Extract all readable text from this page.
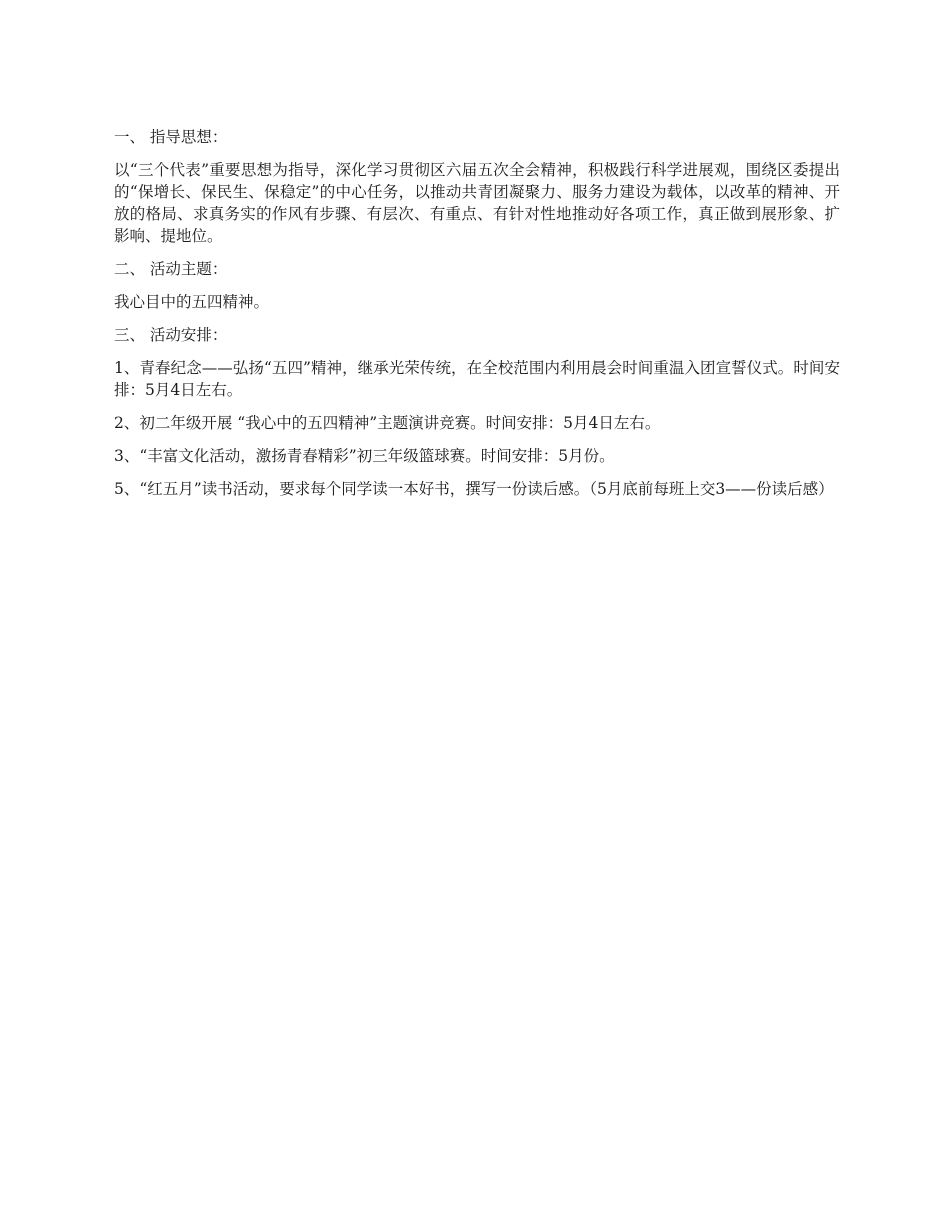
一、 指导思想：

以“三个代表”重要思想为指导，深化学习贯彻区六届五次全会精神，积极践行科学进展观，围绕区委提出的“保增长、保民生、保稳定”的中心任务，以推动共青团凝聚力、服务力建设为载体，以改革的精神、开放的格局、求真务实的作风有步骤、有层次、有重点、有针对性地推动好各项工作，真正做到展形象、扩影响、提地位。

二、 活动主题：

我心目中的五四精神。

三、 活动安排：

1、青春纪念——弘扬“五四”精神，继承光荣传统，在全校范围内利用晨会时间重温入团宣誓仪式。时间安排：5月4日左右。

2、初二年级开展 “我心中的五四精神”主题演讲竞赛。时间安排：5月4日左右。

3、“丰富文化活动，激扬青春精彩”初三年级篮球赛。时间安排：5月份。

5、“红五月”读书活动，要求每个同学读一本好书，撰写一份读后感。（5月底前每班上交3——份读后感）
